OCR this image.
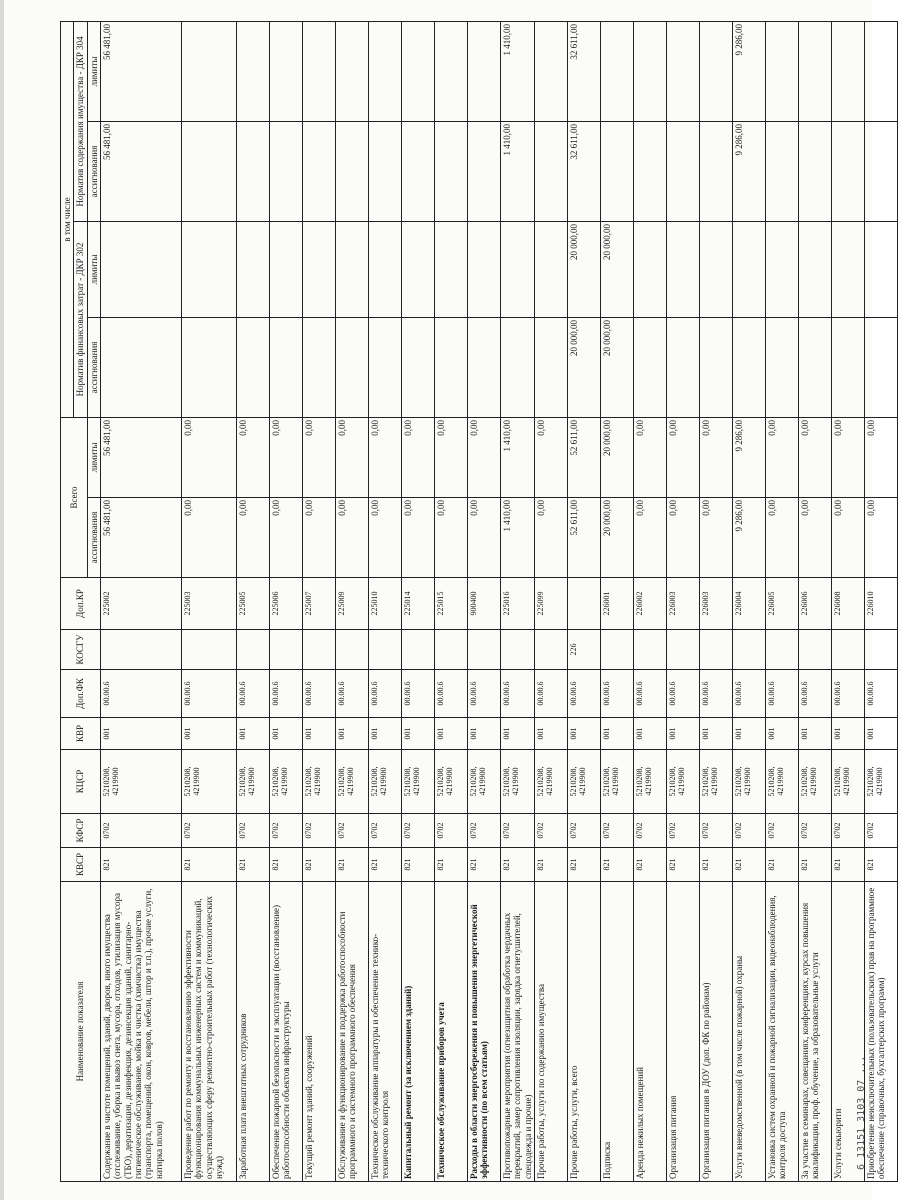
Наименование показателя	КВСР	КФСР	КЦСР	КВР	Доп.ФК	КОСГУ	Доп.КР	Всего		в том числе			
										Норматив финансовых затрат - ДКР 302		Норматив содержания имущества - ДКР 304	
								ассигнования	лимиты	ассигнования	лимиты	ассигнования	лимиты
Содержание в чистоте помещений, зданий, дворов, иного имущества (отслеживание, уборка и вывоз снега, мусора, отходов, утилизация мусора (ТБО), дератизация, дезинфекция, дезинсекция зданий, санитарно-гигиеническое обслуживание, мойка и чистка (химчистка) имущества (транспорта, помещений, окон, ковров, мебели, штор и т.п.), прочие услуги, натирка полов)	821	0702	5210208, 4219900	001	00.00.6		225002	56 481,00	56 481,00			56 481,00	56 481,00
Проведение работ по ремонту и восстановлению эффективности функционирования коммунальных инженерных систем и коммуникаций, осуществляющих сферу ремонтно-строительных работ (технологических нужд)	821	0702	5210208, 4219900	001	00.00.6		225003	0,00	0,00				
Заработная плата внештатных сотрудников	821	0702	5210208, 4219900	001	00.00.6		225005	0,00	0,00				
Обеспечение пожарной безопасности и эксплуатации (восстановление) работоспособности объектов инфраструктуры	821	0702	5210208, 4219900	001	00.00.6		225006	0,00	0,00				
Текущий ремонт зданий, сооружений	821	0702	5210208, 4219900	001	00.00.6		225007	0,00	0,00				
Обслуживание и функционирование и поддержка работоспособности программного и системного программного обеспечения	821	0702	5210208, 4219900	001	00.00.6		225009	0,00	0,00				
Техническое обслуживание аппаратуры и обеспечение технико-технического контроля	821	0702	5210208, 4219900	001	00.00.6		225010	0,00	0,00				
Капитальный ремонт (за исключением зданий)	821	0702	5210208, 4219900	001	00.00.6		225014	0,00	0,00				
Техническое обслуживание приборов учета	821	0702	5210208, 4219900	001	00.00.6		225015	0,00	0,00				
Расходы в области энергосбережения и повышения энергетической эффективности (по всем статьям)	821	0702	5210208, 4219900	001	00.00.6		900400	0,00	0,00				
Противопожарные мероприятия (огнезащитная обработка чердачных перекрытий, замер сопротивления изоляции, зарядка огнетушителей, спецодежда и прочие)	821	0702	5210208, 4219900	001	00.00.6		225016	1 410,00	1 410,00			1 410,00	1 410,00
Прочие работы, услуги по содержанию имущества	821	0702	5210208, 4219900	001	00.00.6		225099	0,00	0,00				
Прочие работы, услуги, всего	821	0702	5210208, 4219900	001	00.00.6	226		52 611,00	52 611,00	20 000,00	20 000,00	32 611,00	32 611,00
Подписка	821	0702	5210208, 4219900	001	00.00.6		226001	20 000,00	20 000,00	20 000,00	20 000,00		
Аренда нежилых помещений	821	0702	5210208, 4219900	001	00.00.6		226002	0,00	0,00				
Организация питания	821	0702	5210208, 4219900	001	00.00.6		226003	0,00	0,00				
Организация питания в ДОУ (доп. ФК по районам)	821	0702	5210208, 4219900	001	00.00.6		226003	0,00	0,00				
Услуги вневедомственной (в том числе пожарной) охраны	821	0702	5210208, 4219900	001	00.00.6		226004	9 286,00	9 286,00			9 286,00	9 286,00
Установка систем охранной и пожарной сигнализации, видеонаблюдения, контроля доступа	821	0702	5210208, 4219900	001	00.00.6		226005	0,00	0,00				
За участие в семинарах, совещаниях, конференциях, курсах повышения квалификации, проф. обучение, за образовательные услуги	821	0702	5210208, 4219900	001	00.00.6		226006	0,00	0,00				
Услуги секьюрити	821	0702	5210208, 4219900	001	00.00.6		226008	0,00	0,00				
Приобретение неисключительных (пользовательских) прав на программное обеспечение (справочных, бухгалтерских программ)	821	0702	5210208, 4219900	001	00.00.6		226010	0,00	0,00				
6 13151 3103 07 ...
